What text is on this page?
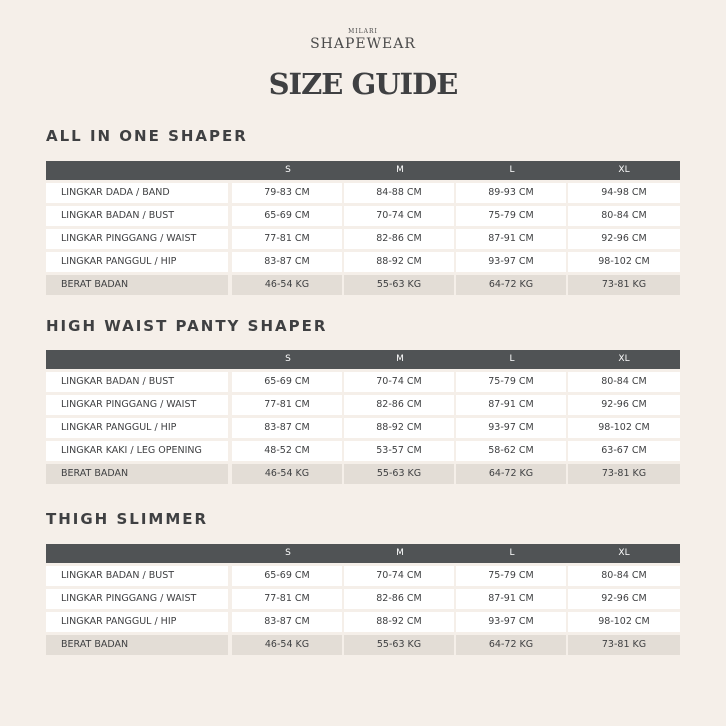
MILARI
SHAPEWEAR
SIZE GUIDE
ALL IN ONE SHAPER
S	M	L	XL
LINGKAR DADA / BAND	79-83 CM	84-88 CM	89-93 CM	94-98 CM
LINGKAR BADAN / BUST	65-69 CM	70-74 CM	75-79 CM	80-84 CM
LINGKAR PINGGANG / WAIST	77-81 CM	82-86 CM	87-91 CM	92-96 CM
LINGKAR PANGGUL / HIP	83-87 CM	88-92 CM	93-97 CM	98-102 CM
BERAT BADAN	46-54 KG	55-63 KG	64-72 KG	73-81 KG
HIGH WAIST PANTY SHAPER
S	M	L	XL
LINGKAR BADAN / BUST	65-69 CM	70-74 CM	75-79 CM	80-84 CM
LINGKAR PINGGANG / WAIST	77-81 CM	82-86 CM	87-91 CM	92-96 CM
LINGKAR PANGGUL / HIP	83-87 CM	88-92 CM	93-97 CM	98-102 CM
LINGKAR KAKI / LEG OPENING	48-52 CM	53-57 CM	58-62 CM	63-67 CM
BERAT BADAN	46-54 KG	55-63 KG	64-72 KG	73-81 KG
THIGH SLIMMER
S	M	L	XL
LINGKAR BADAN / BUST	65-69 CM	70-74 CM	75-79 CM	80-84 CM
LINGKAR PINGGANG / WAIST	77-81 CM	82-86 CM	87-91 CM	92-96 CM
LINGKAR PANGGUL / HIP	83-87 CM	88-92 CM	93-97 CM	98-102 CM
BERAT BADAN	46-54 KG	55-63 KG	64-72 KG	73-81 KG
